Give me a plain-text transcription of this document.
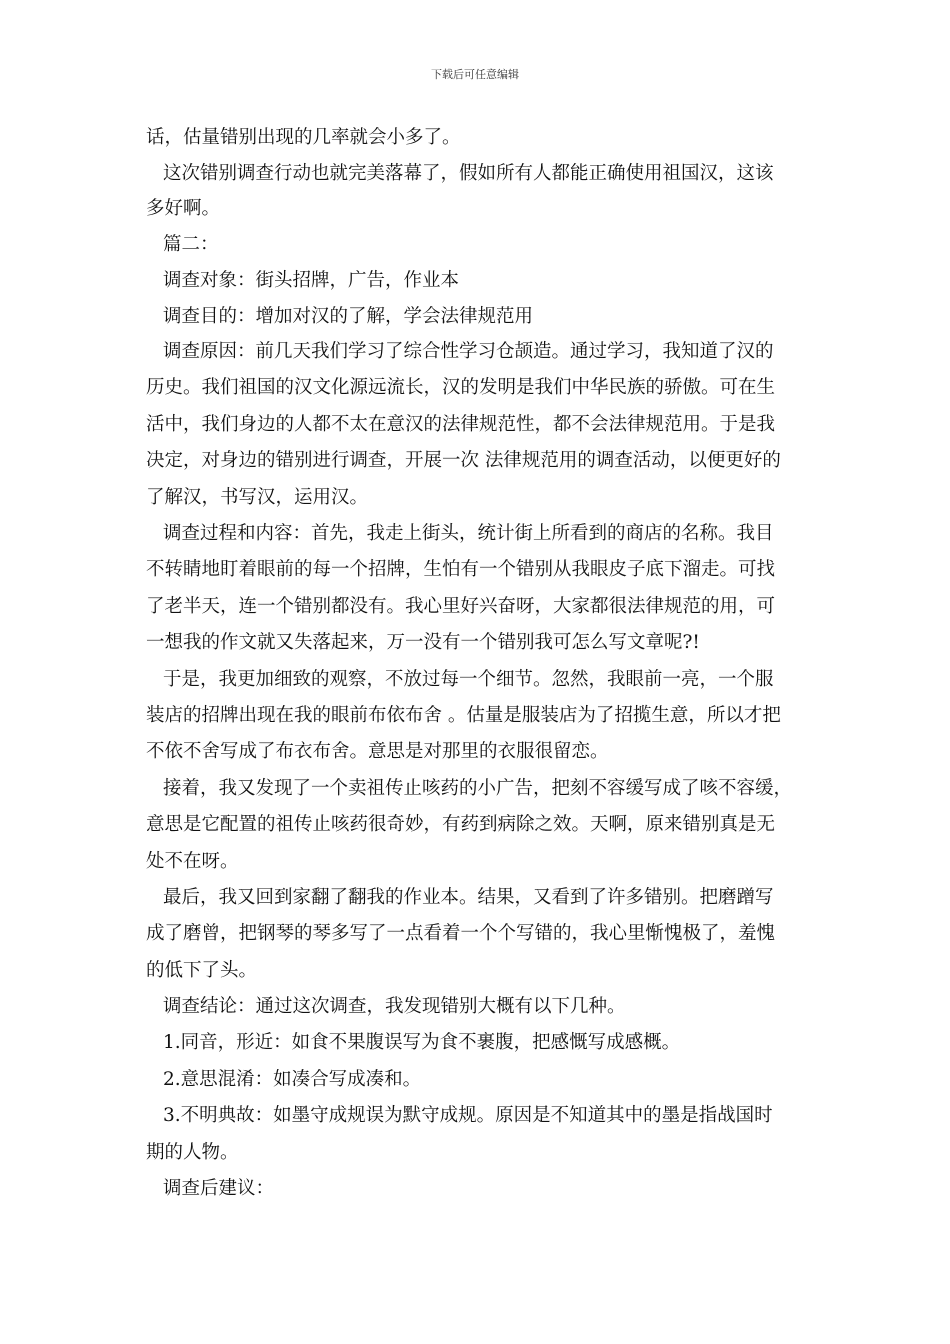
下载后可任意编辑
话，估量错别出现的几率就会小多了。
这次错别调查行动也就完美落幕了，假如所有人都能正确使用祖国汉，这该
多好啊。
篇二：
调查对象：街头招牌，广告，作业本
调查目的：增加对汉的了解，学会法律规范用
调查原因：前几天我们学习了综合性学习仓颉造。通过学习，我知道了汉的
历史。我们祖国的汉文化源远流长，汉的发明是我们中华民族的骄傲。可在生
活中，我们身边的人都不太在意汉的法律规范性，都不会法律规范用。于是我
决定，对身边的错别进行调查，开展一次 法律规范用的调查活动，以便更好的
了解汉，书写汉，运用汉。
调查过程和内容：首先，我走上街头，统计街上所看到的商店的名称。我目
不转睛地盯着眼前的每一个招牌，生怕有一个错别从我眼皮子底下溜走。可找
了老半天，连一个错别都没有。我心里好兴奋呀，大家都很法律规范的用，可
一想我的作文就又失落起来，万一没有一个错别我可怎么写文章呢?!
于是，我更加细致的观察，不放过每一个细节。忽然，我眼前一亮，一个服
装店的招牌出现在我的眼前布依布舍 。估量是服装店为了招揽生意，所以才把
不依不舍写成了布衣布舍。意思是对那里的衣服很留恋。
接着，我又发现了一个卖祖传止咳药的小广告，把刻不容缓写成了咳不容缓，
意思是它配置的祖传止咳药很奇妙，有药到病除之效。天啊，原来错别真是无
处不在呀。
最后，我又回到家翻了翻我的作业本。结果，又看到了许多错别。把磨蹭写
成了磨曾，把钢琴的琴多写了一点看着一个个写错的，我心里惭愧极了，羞愧
的低下了头。
调查结论：通过这次调查，我发现错别大概有以下几种。
1.同音，形近：如食不果腹误写为食不裹腹，把感慨写成感概。
2.意思混淆：如凑合写成凑和。
3.不明典故：如墨守成规误为默守成规。原因是不知道其中的墨是指战国时
期的人物。
调查后建议：
